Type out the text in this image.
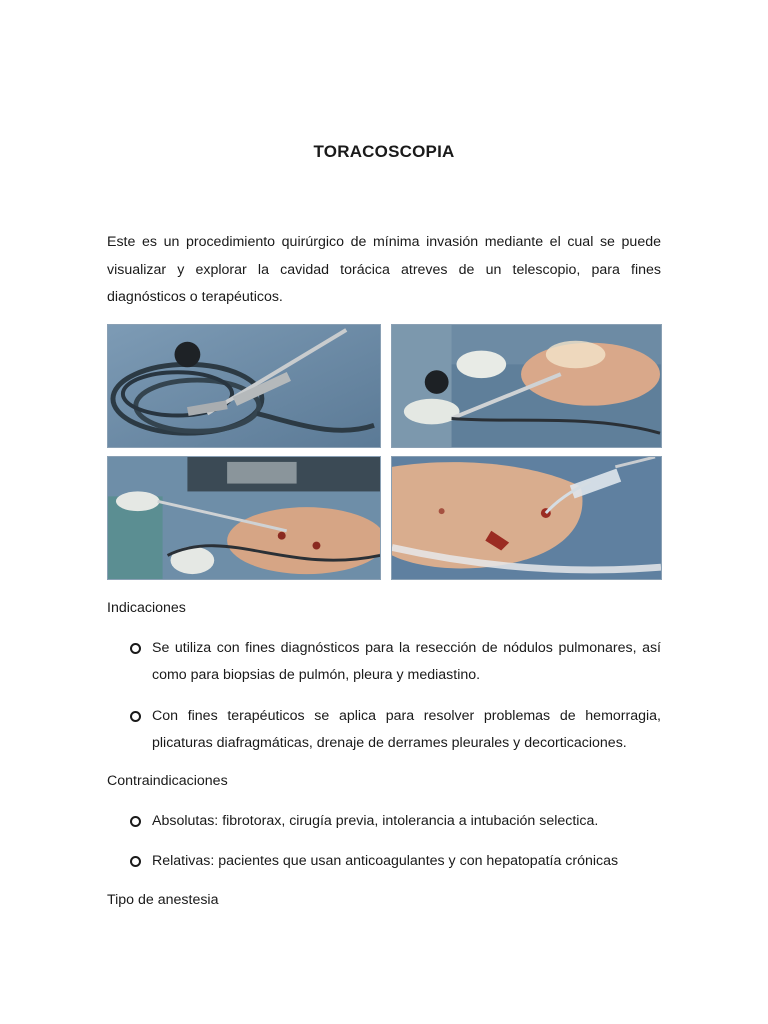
TORACOSCOPIA

Este es un procedimiento quirúrgico de mínima invasión mediante el cual se puede visualizar y explorar la cavidad torácica atreves de un telescopio, para fines diagnósticos o terapéuticos.

Indicaciones

Se utiliza con fines diagnósticos para la resección de nódulos pulmonares, así como para biopsias de pulmón, pleura y mediastino.
Con fines terapéuticos se aplica para resolver problemas de hemorragia, plicaturas diafragmáticas, drenaje de derrames pleurales y decorticaciones.

Contraindicaciones

Absolutas: fibrotorax, cirugía previa, intolerancia a intubación selectica.
Relativas: pacientes que usan anticoagulantes y con hepatopatía crónicas

Tipo de anestesia
